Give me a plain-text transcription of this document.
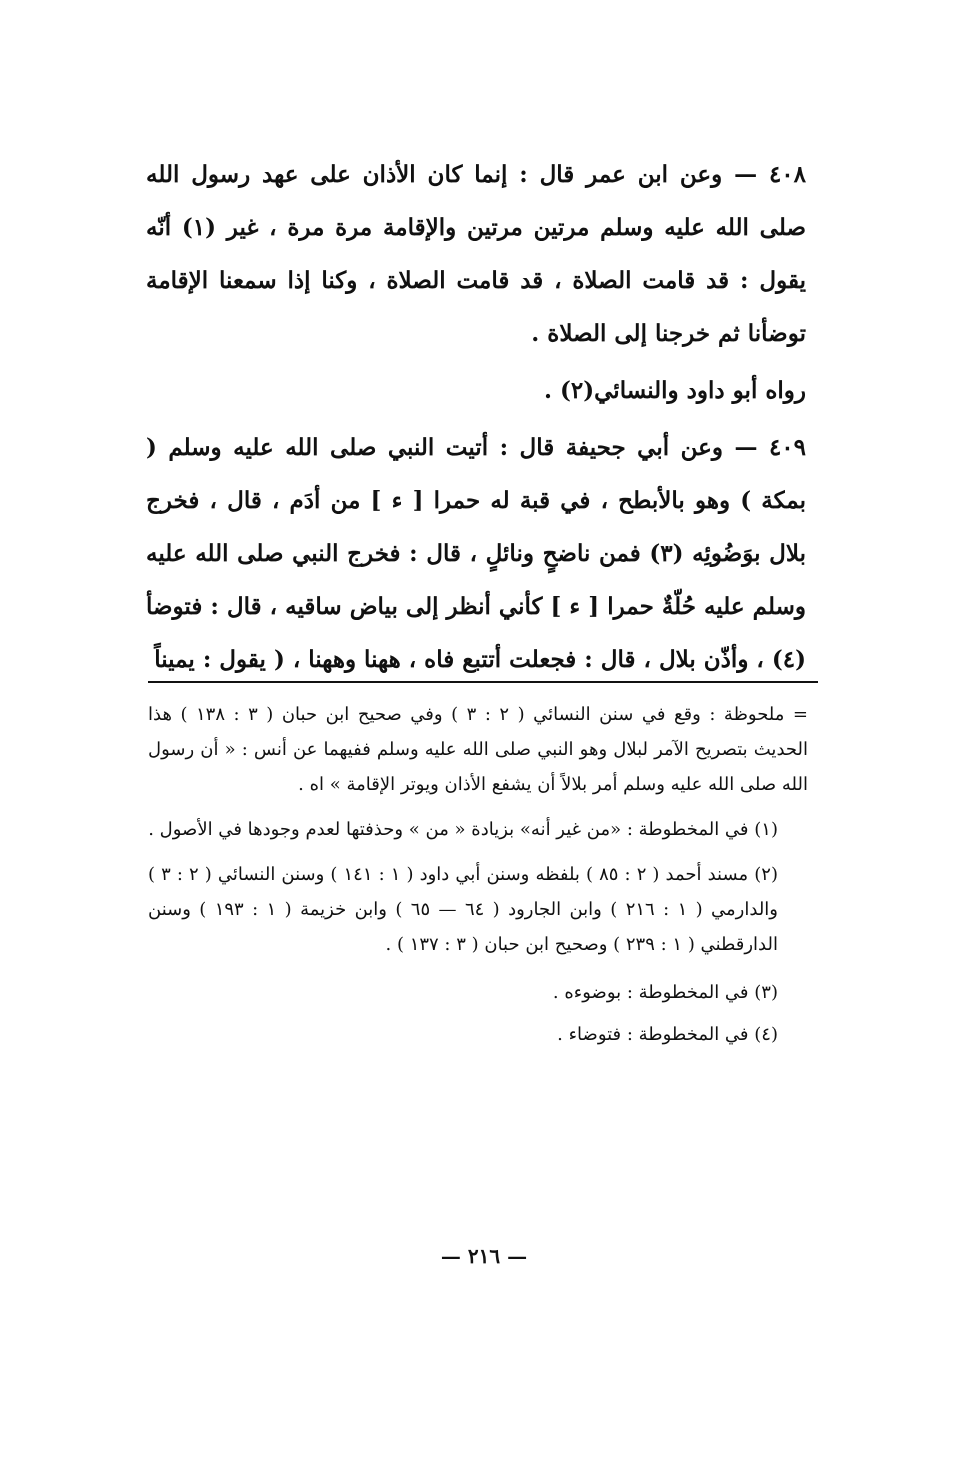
٤٠٨ — وعن ابن عمر قال : إنما كان الأذان على عهد رسول الله صلى الله عليه وسلم مرتين مرتين والإقامة مرة مرة ، غير (١) أنّه يقول : قد قامت الصلاة ، قد قامت الصلاة ، وكنا إذا سمعنا الإقامة توضأنا ثم خرجنا إلى الصلاة .

رواه أبو داود والنسائي(٢) .

٤٠٩ — وعن أبي جحيفة قال : أتيت النبي صلى الله عليه وسلم ( بمكة ) وهو بالأبطح ، في قبة له حمرا [ ء ] من أدَم ، قال ، فخرج بلال بوَضُوئِه (٣) فمن ناضحٍ ونائلٍ ، قال : فخرج النبي صلى الله عليه وسلم عليه حُلّةٌ حمرا [ ء ] كأني أنظر إلى بياض ساقيه ، قال : فتوضأ (٤) ، وأذّن بلال ، قال : فجعلت أتتبع فاه ، ههنا وههنا ، ( يقول : يميناً

= ملحوظة : وقع في سنن النسائي ( ٢ : ٣ ) وفي صحيح ابن حبان ( ٣ : ١٣٨ ) هذا الحديث بتصريح الآمر لبلال وهو النبي صلى الله عليه وسلم ففيهما عن أنس : « أن رسول الله صلى الله عليه وسلم أمر بلالاً أن يشفع الأذان ويوتر الإقامة » اه .

(١) في المخطوطة : «من غير أنه» بزيادة « من » وحذفتها لعدم وجودها في الأصول .

(٢) مسند أحمد ( ٢ : ٨٥ ) بلفظه وسنن أبي داود ( ١ : ١٤١ ) وسنن النسائي ( ٢ : ٣ ) والدارمي ( ١ : ٢١٦ ) وابن الجارود ( ٦٤ — ٦٥ ) وابن خزيمة ( ١ : ١٩٣ ) وسنن الدارقطني ( ١ : ٢٣٩ ) وصحيح ابن حبان ( ٣ : ١٣٧ ) .

(٣) في المخطوطة : بوضوءه .

(٤) في المخطوطة : فتوضاء .

— ٢١٦ —
